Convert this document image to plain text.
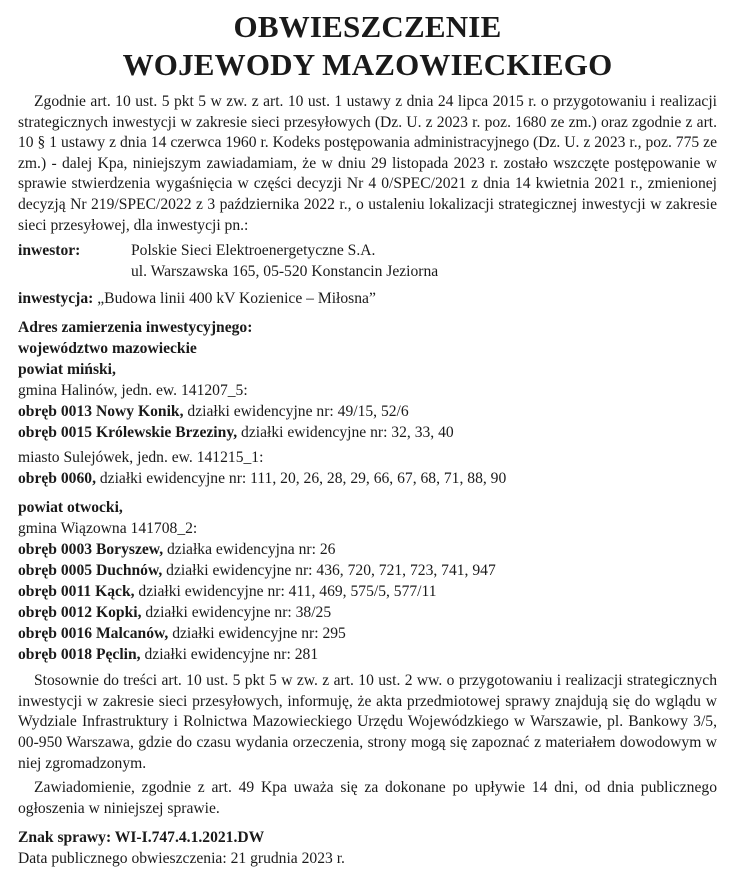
OBWIESZCZENIE
WOJEWODY MAZOWIECKIEGO

Zgodnie art. 10 ust. 5 pkt 5 w zw. z art. 10 ust. 1 ustawy z dnia 24 lipca 2015 r. o przygotowaniu i realizacji strategicznych inwestycji w zakresie sieci przesyłowych (Dz. U. z 2023 r. poz. 1680 ze zm.) oraz zgodnie z art. 10 § 1 ustawy z dnia 14 czerwca 1960 r. Kodeks postępowania administracyjnego (Dz. U. z 2023 r., poz. 775 ze zm.) - dalej Kpa, niniejszym zawiadamiam, że w dniu 29 listopada 2023 r. zostało wszczęte postępowanie w sprawie stwierdzenia wygaśnięcia w części decyzji Nr 4 0/SPEC/2021 z dnia 14 kwietnia 2021 r., zmienionej decyzją Nr 219/SPEC/2022 z 3 października 2022 r., o ustaleniu lokalizacji strategicznej inwestycji w zakresie sieci przesyłowej, dla inwestycji pn.:

inwestor:	Polskie Sieci Elektroenergetyczne S.A.
ul. Warszawska 165, 05-520 Konstancin Jeziorna
inwestycja: „Budowa linii 400 kV Kozienice – Miłosna”
Adres zamierzenia inwestycyjnego:
województwo mazowieckie
powiat miński,
gmina Halinów, jedn. ew. 141207_5:
obręb 0013 Nowy Konik, działki ewidencyjne nr: 49/15, 52/6
obręb 0015 Królewskie Brzeziny, działki ewidencyjne nr: 32, 33, 40
miasto Sulejówek, jedn. ew. 141215_1:
obręb 0060, działki ewidencyjne nr: 111, 20, 26, 28, 29, 66, 67, 68, 71, 88, 90
powiat otwocki,
gmina Wiązowna 141708_2:
obręb 0003 Boryszew, działka ewidencyjna nr: 26
obręb 0005 Duchnów, działki ewidencyjne nr: 436, 720, 721, 723, 741, 947
obręb 0011 Kąck, działki ewidencyjne nr: 411, 469, 575/5, 577/11
obręb 0012 Kopki, działki ewidencyjne nr: 38/25
obręb 0016 Malcanów, działki ewidencyjne nr: 295
obręb 0018 Pęclin, działki ewidencyjne nr: 281

Stosownie do treści art. 10 ust. 5 pkt 5 w zw. z art. 10 ust. 2 ww. o przygotowaniu i realizacji strategicznych inwestycji w zakresie sieci przesyłowych, informuję, że akta przedmiotowej sprawy znajdują się do wglądu w Wydziale Infrastruktury i Rolnictwa Mazowieckiego Urzędu Wojewódzkiego w Warszawie, pl. Bankowy 3/5, 00-950 Warszawa, gdzie do czasu wydania orzeczenia, strony mogą się zapoznać z materiałem dowodowym w niej zgromadzonym.

Zawiadomienie, zgodnie z art. 49 Kpa uważa się za dokonane po upływie 14 dni, od dnia publicznego ogłoszenia w niniejszej sprawie.

Znak sprawy: WI-I.747.4.1.2021.DW
Data publicznego obwieszczenia: 21 grudnia 2023 r.
